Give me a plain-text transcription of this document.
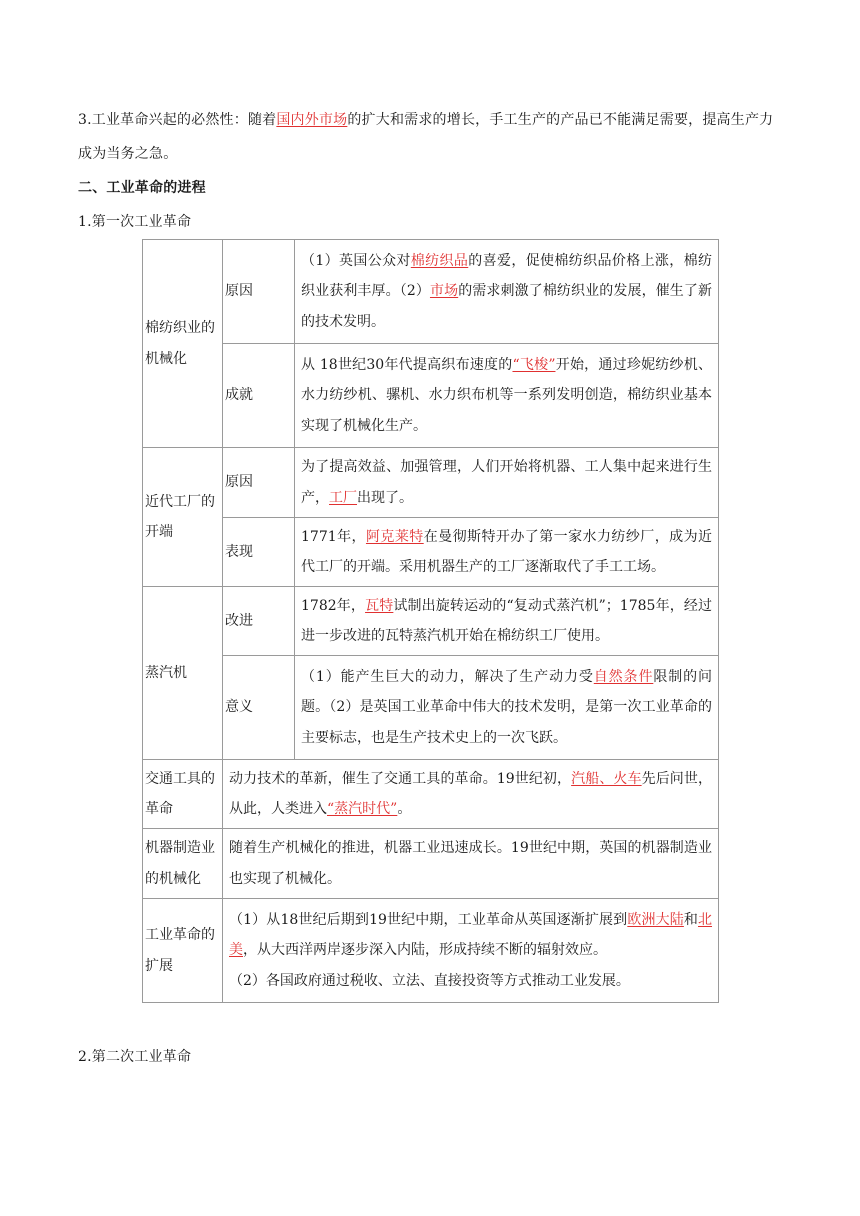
3.工业革命兴起的必然性：随着国内外市场的扩大和需求的增长，手工生产的产品已不能满足需要，提高生产力成为当务之急。
二、工业革命的进程
1.第一次工业革命
棉纺织业的机械化	原因	（1）英国公众对棉纺织品的喜爱，促使棉纺织品价格上涨，棉纺织业获利丰厚。（2）市场的需求刺激了棉纺织业的发展，催生了新的技术发明。
	成就	从 18世纪30年代提高织布速度的“飞梭”开始，通过珍妮纺纱机、水力纺纱机、骡机、水力织布机等一系列发明创造，棉纺织业基本实现了机械化生产。
近代工厂的开端	原因	为了提高效益、加强管理，人们开始将机器、工人集中起来进行生产，工厂出现了。
	表现	1771年，阿克莱特在曼彻斯特开办了第一家水力纺纱厂，成为近代工厂的开端。采用机器生产的工厂逐渐取代了手工工场。
蒸汽机	改进	1782年，瓦特试制出旋转运动的“复动式蒸汽机”；1785年，经过进一步改进的瓦特蒸汽机开始在棉纺织工厂使用。
	意义	（1）能产生巨大的动力，解决了生产动力受自然条件限制的问题。（2）是英国工业革命中伟大的技术发明，是第一次工业革命的主要标志，也是生产技术史上的一次飞跃。
交通工具的革命	动力技术的革新，催生了交通工具的革命。19世纪初，汽船、火车先后问世，从此，人类进入“蒸汽时代”。	
机器制造业的机械化	随着生产机械化的推进，机器工业迅速成长。19世纪中期，英国的机器制造业也实现了机械化。	
工业革命的扩展	（1）从18世纪后期到19世纪中期，工业革命从英国逐渐扩展到欧洲大陆和北美，从大西洋两岸逐步深入内陆，形成持续不断的辐射效应。
（2）各国政府通过税收、立法、直接投资等方式推动工业发展。	
2.第二次工业革命
